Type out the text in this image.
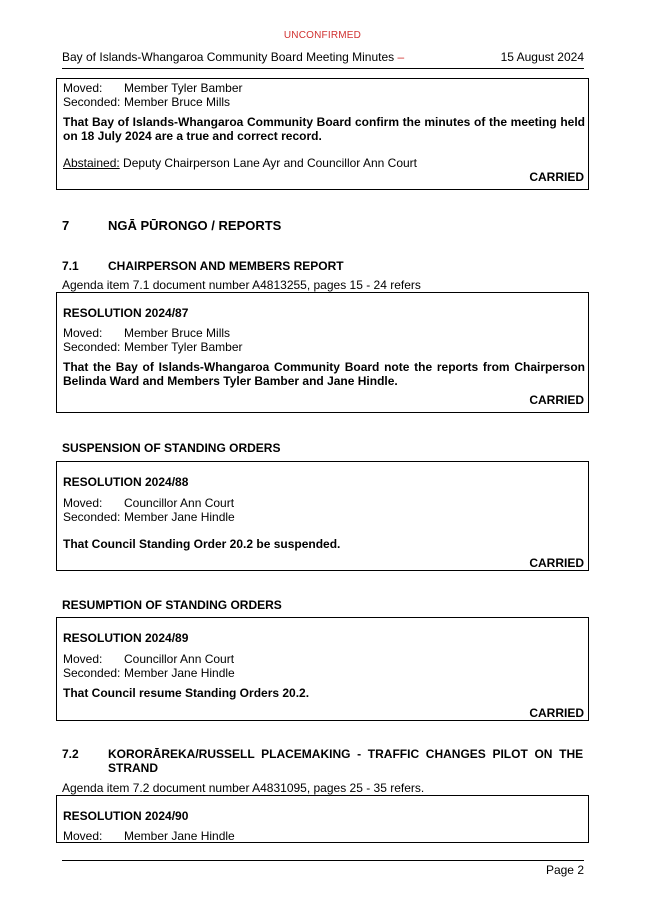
UNCONFIRMED
Bay of Islands-Whangaroa Community Board Meeting Minutes –	15 August 2024
Moved: Member Tyler Bamber
Seconded: Member Bruce Mills
That Bay of Islands-Whangaroa Community Board confirm the minutes of the meeting held on 18 July 2024 are a true and correct record.
Abstained: Deputy Chairperson Lane Ayr and Councillor Ann Court
CARRIED
7	NGĀ PŪRONGO / REPORTS
7.1 CHAIRPERSON AND MEMBERS REPORT
Agenda item 7.1 document number A4813255, pages 15 - 24 refers
RESOLUTION 2024/87
Moved: Member Bruce Mills
Seconded: Member Tyler Bamber
That the Bay of Islands-Whangaroa Community Board note the reports from Chairperson Belinda Ward and Members Tyler Bamber and Jane Hindle.
CARRIED
SUSPENSION OF STANDING ORDERS
RESOLUTION 2024/88
Moved: Councillor Ann Court
Seconded: Member Jane Hindle
That Council Standing Order 20.2 be suspended.
CARRIED
RESUMPTION OF STANDING ORDERS
RESOLUTION 2024/89
Moved: Councillor Ann Court
Seconded: Member Jane Hindle
That Council resume Standing Orders 20.2.
CARRIED
7.2 KORORĀREKA/RUSSELL  PLACEMAKING  -  TRAFFIC  CHANGES  PILOT  ON  THE
STRAND
Agenda item 7.2 document number A4831095, pages 25 - 35 refers.
RESOLUTION 2024/90
Moved: Member Jane Hindle
Page 2
